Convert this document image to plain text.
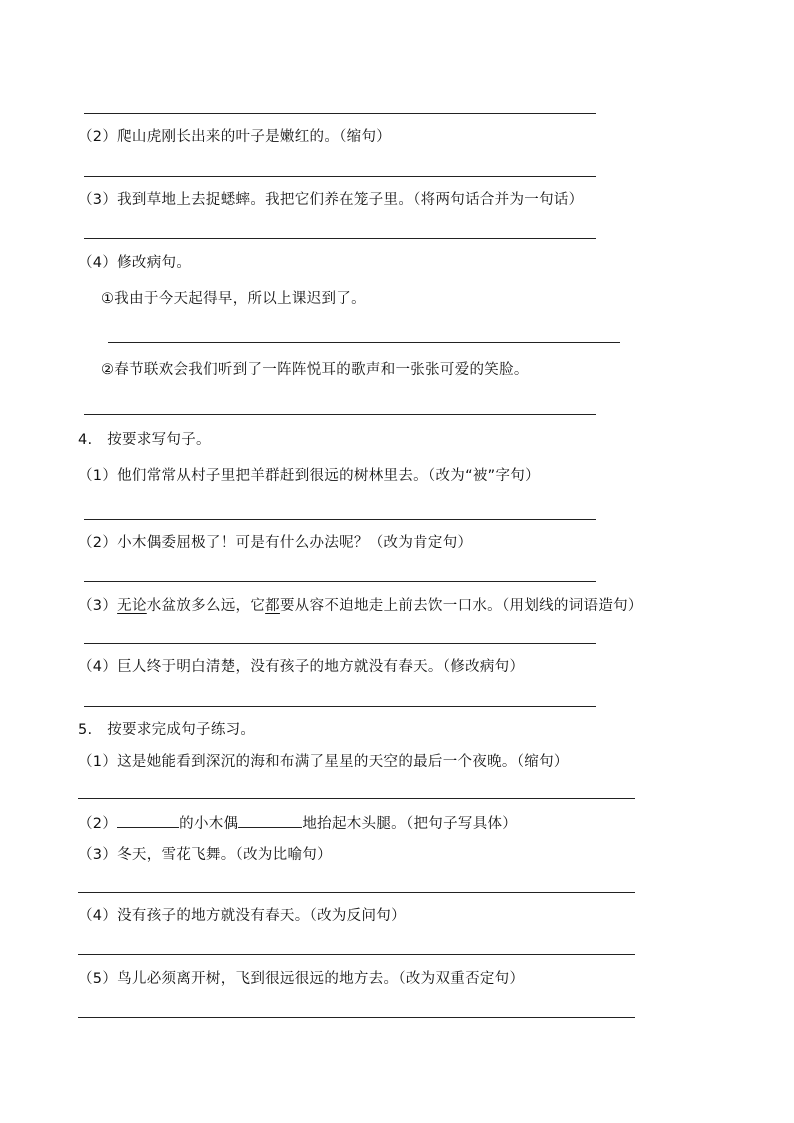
（2）爬山虎刚长出来的叶子是嫩红的。（缩句）
（3）我到草地上去捉蟋蟀。我把它们养在笼子里。（将两句话合并为一句话）
（4）修改病句。
①我由于今天起得早，所以上课迟到了。
②春节联欢会我们听到了一阵阵悦耳的歌声和一张张可爱的笑脸。
4.　按要求写句子。
（1）他们常常从村子里把羊群赶到很远的树林里去。（改为“被”字句）
（2）小木偶委屈极了！可是有什么办法呢？（改为肯定句）
（3）无论水盆放多么远，它都要从容不迫地走上前去饮一口水。（用划线的词语造句）
（4）巨人终于明白清楚，没有孩子的地方就没有春天。（修改病句）
5.　按要求完成句子练习。
（1）这是她能看到深沉的海和布满了星星的天空的最后一个夜晚。（缩句）
（2）	的小木偶	地抬起木头腿。（把句子写具体）
（3）冬天，雪花飞舞。（改为比喻句）
（4）没有孩子的地方就没有春天。（改为反问句）
（5）鸟儿必须离开树，飞到很远很远的地方去。（改为双重否定句）
